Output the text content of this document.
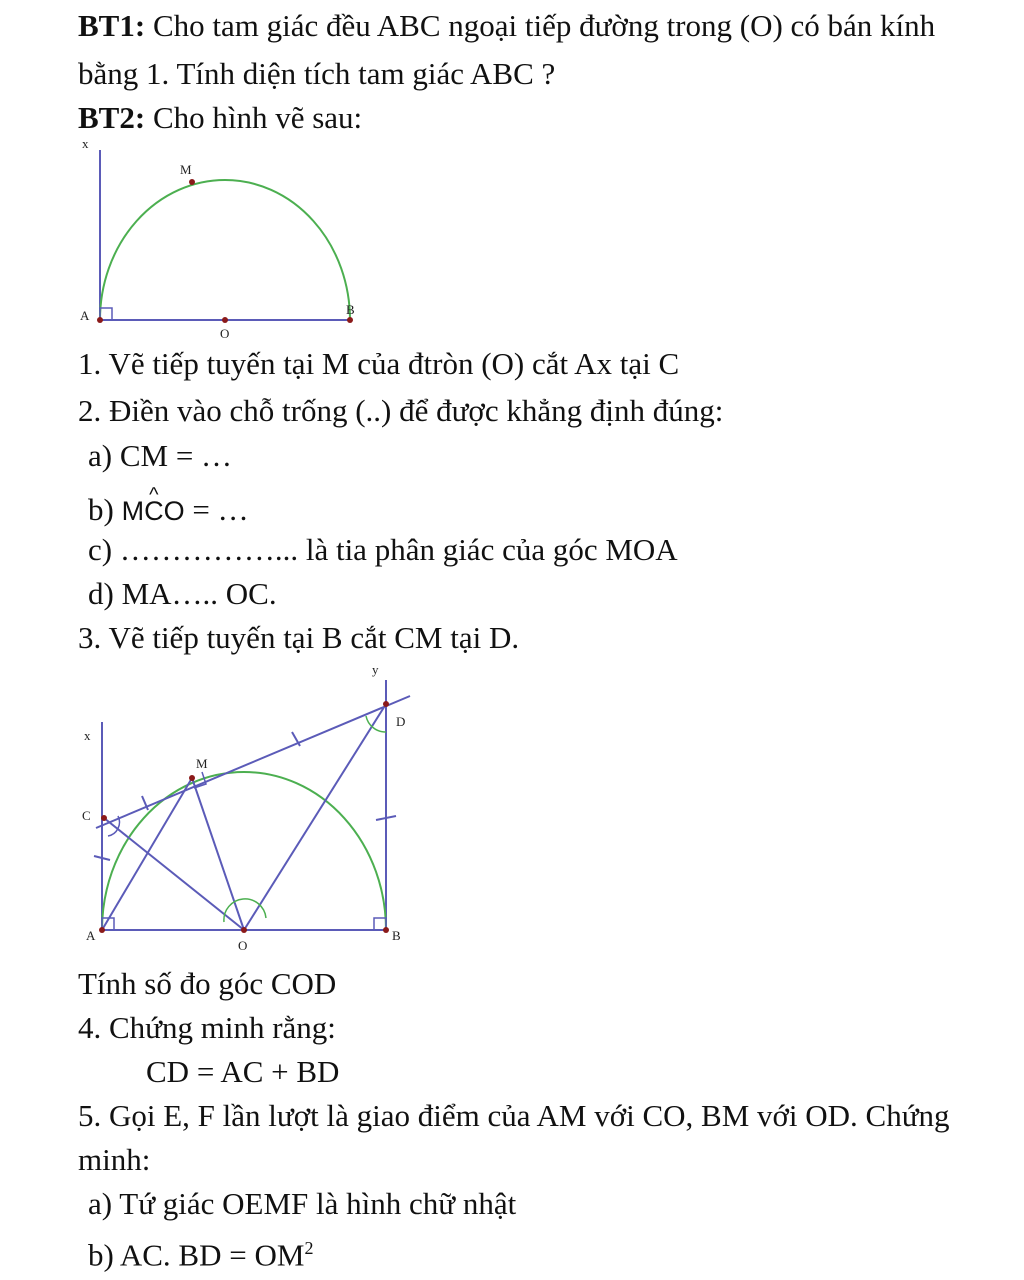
BT1: Cho tam giác đều ABC ngoại tiếp đường trong (O) có bán kính
bằng 1. Tính diện tích tam giác ABC ?
BT2: Cho hình vẽ sau:
x
M
A
O
B
1. Vẽ tiếp tuyến tại M của đtròn (O) cắt Ax tại C
2. Điền vào chỗ trống (..) để được khẳng định đúng:
a) CM = …
b) M^ CO = …
c) ……………... là tia phân giác của góc MOA
d) MA….. OC.
3. Vẽ tiếp tuyến tại B cắt CM tại D.
y
x
D
M
C
A
O
B
Tính số đo góc COD
4. Chứng minh rằng:
CD = AC + BD
5. Gọi E, F lần lượt là giao điểm của AM với CO, BM với OD. Chứng
minh:
a) Tứ giác OEMF là hình chữ nhật
b) AC. BD = $OM^2$
